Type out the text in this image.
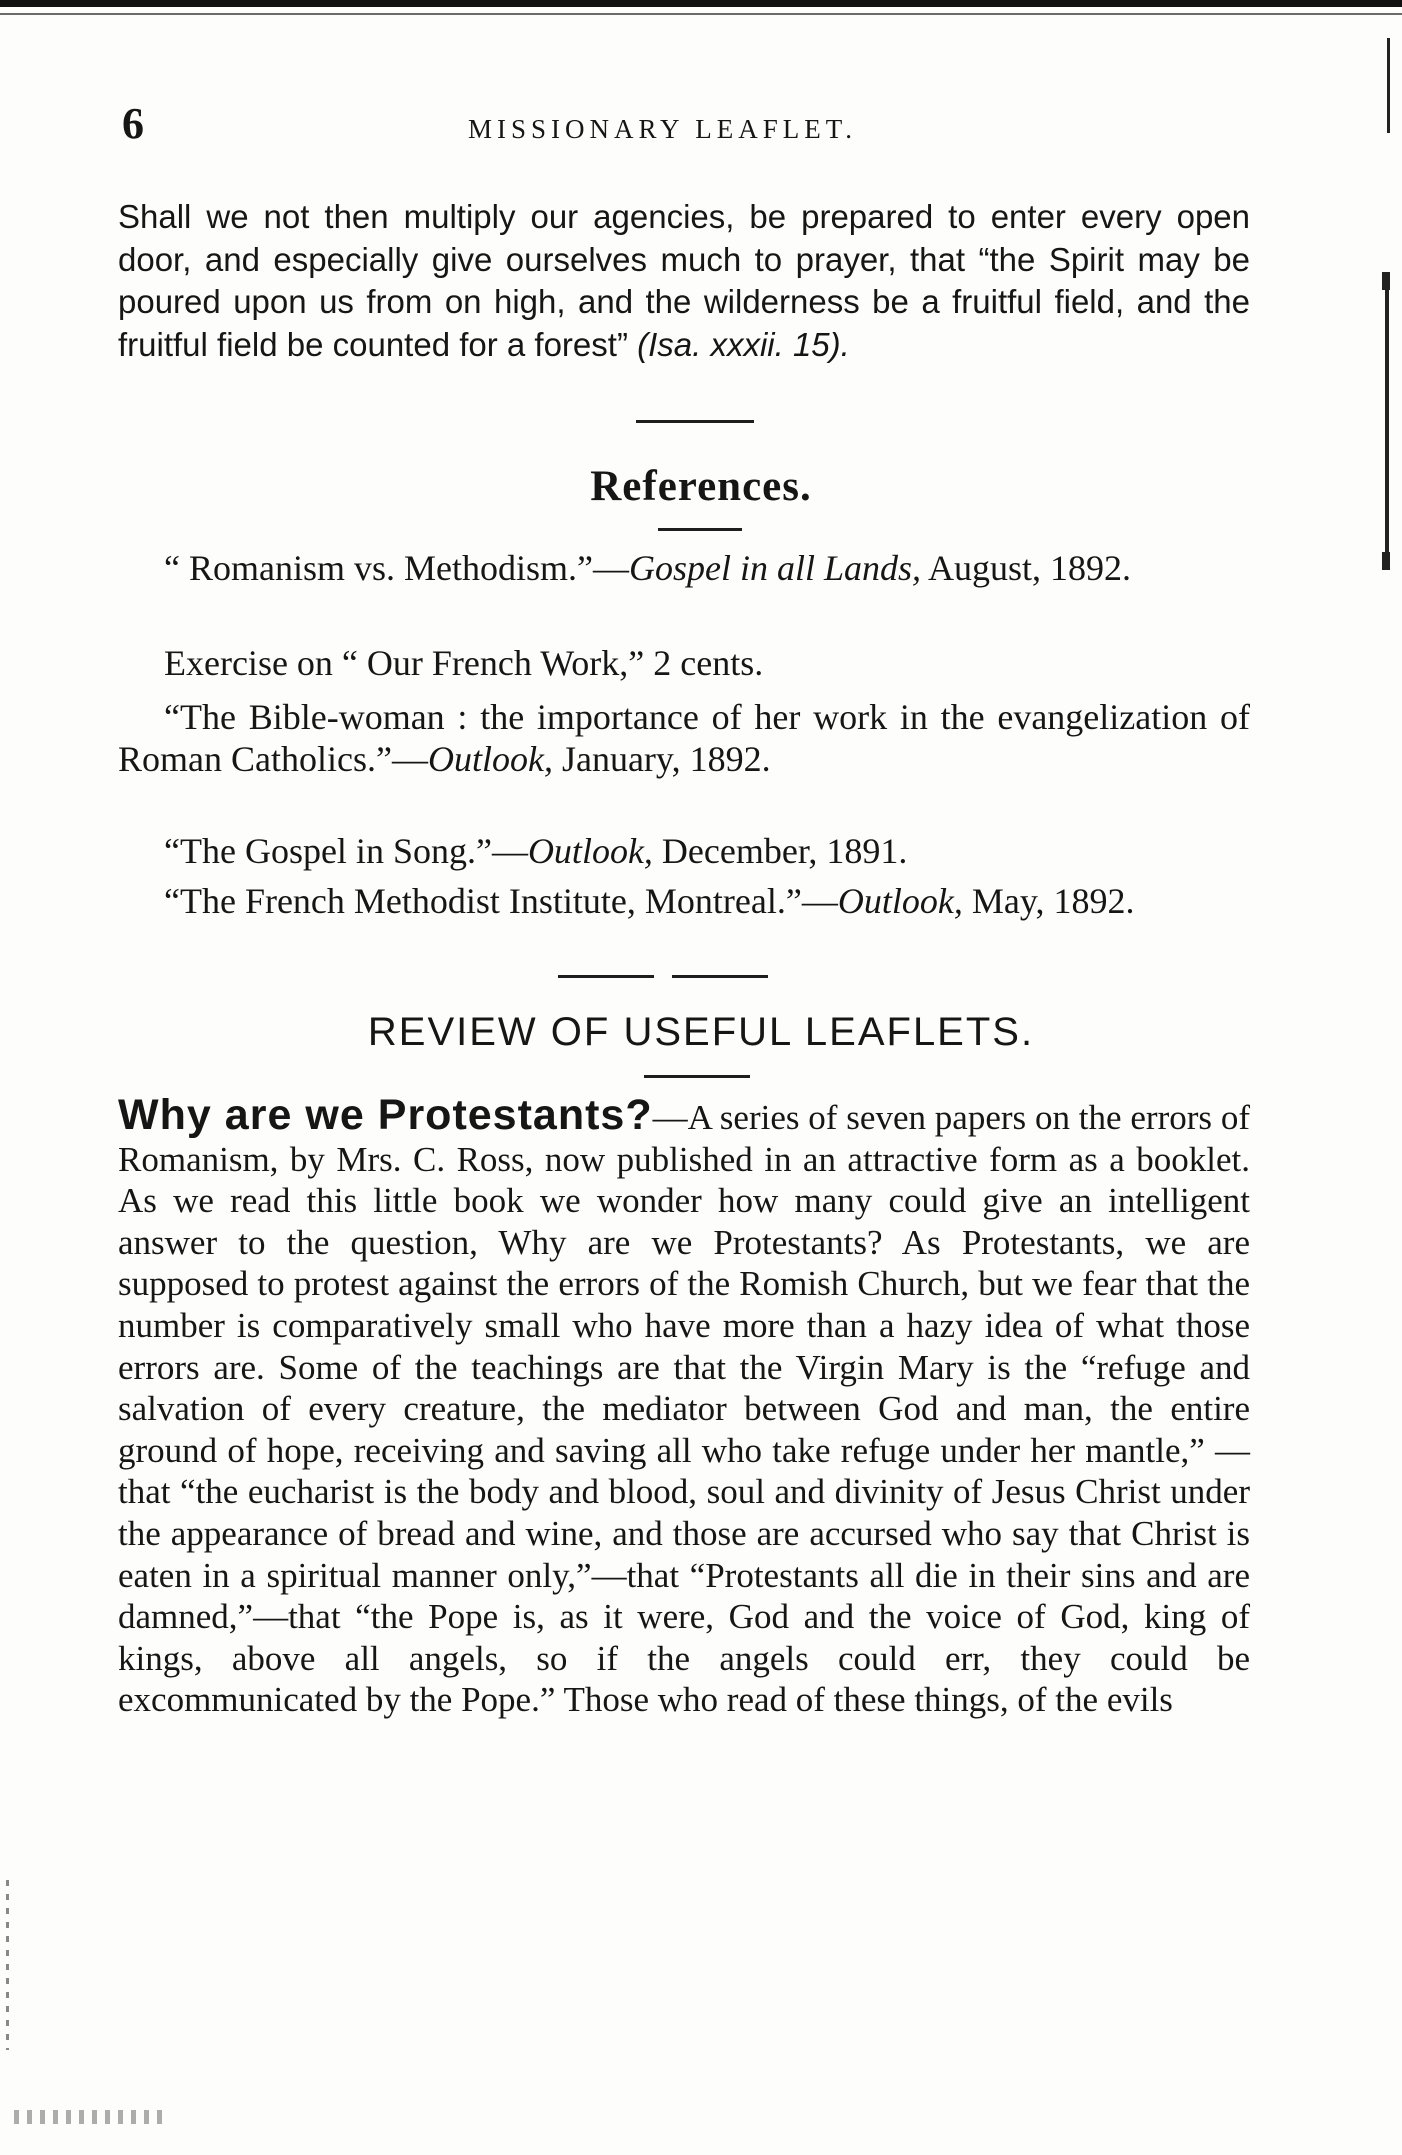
6	MISSIONARY LEAFLET.

Shall we not then multiply our agencies, be prepared to enter every open door, and especially give ourselves much to prayer, that “the Spirit may be poured upon us from on high, and the wilderness be a fruitful field, and the fruitful field be counted for a forest” (Isa. xxxii. 15).

References.

“ Romanism vs. Methodism.”—Gospel in all Lands, August, 1892.

Exercise on “ Our French Work,” 2 cents.

“The Bible-woman : the importance of her work in the evangelization of Roman Catholics.”—Outlook, January, 1892.

“The Gospel in Song.”—Outlook, December, 1891.

“The French Methodist Institute, Montreal.”—Outlook, May, 1892.

REVIEW OF USEFUL LEAFLETS.

Why are we Protestants?—A series of seven papers on the errors of Romanism, by Mrs. C. Ross, now published in an attractive form as a booklet. As we read this little book we wonder how many could give an intelligent answer to the question, Why are we Protestants? As Protestants, we are supposed to protest against the errors of the Romish Church, but we fear that the number is comparatively small who have more than a hazy idea of what those errors are. Some of the teachings are that the Virgin Mary is the “refuge and salvation of every creature, the mediator between God and man, the entire ground of hope, receiving and saving all who take refuge under her mantle,” —that “the eucharist is the body and blood, soul and divinity of Jesus Christ under the appearance of bread and wine, and those are accursed who say that Christ is eaten in a spiritual manner only,”—that “Protestants all die in their sins and are damned,”—that “the Pope is, as it were, God and the voice of God, king of kings, above all angels, so if the angels could err, they could be excommunicated by the Pope.” Those who read of these things, of the evils
